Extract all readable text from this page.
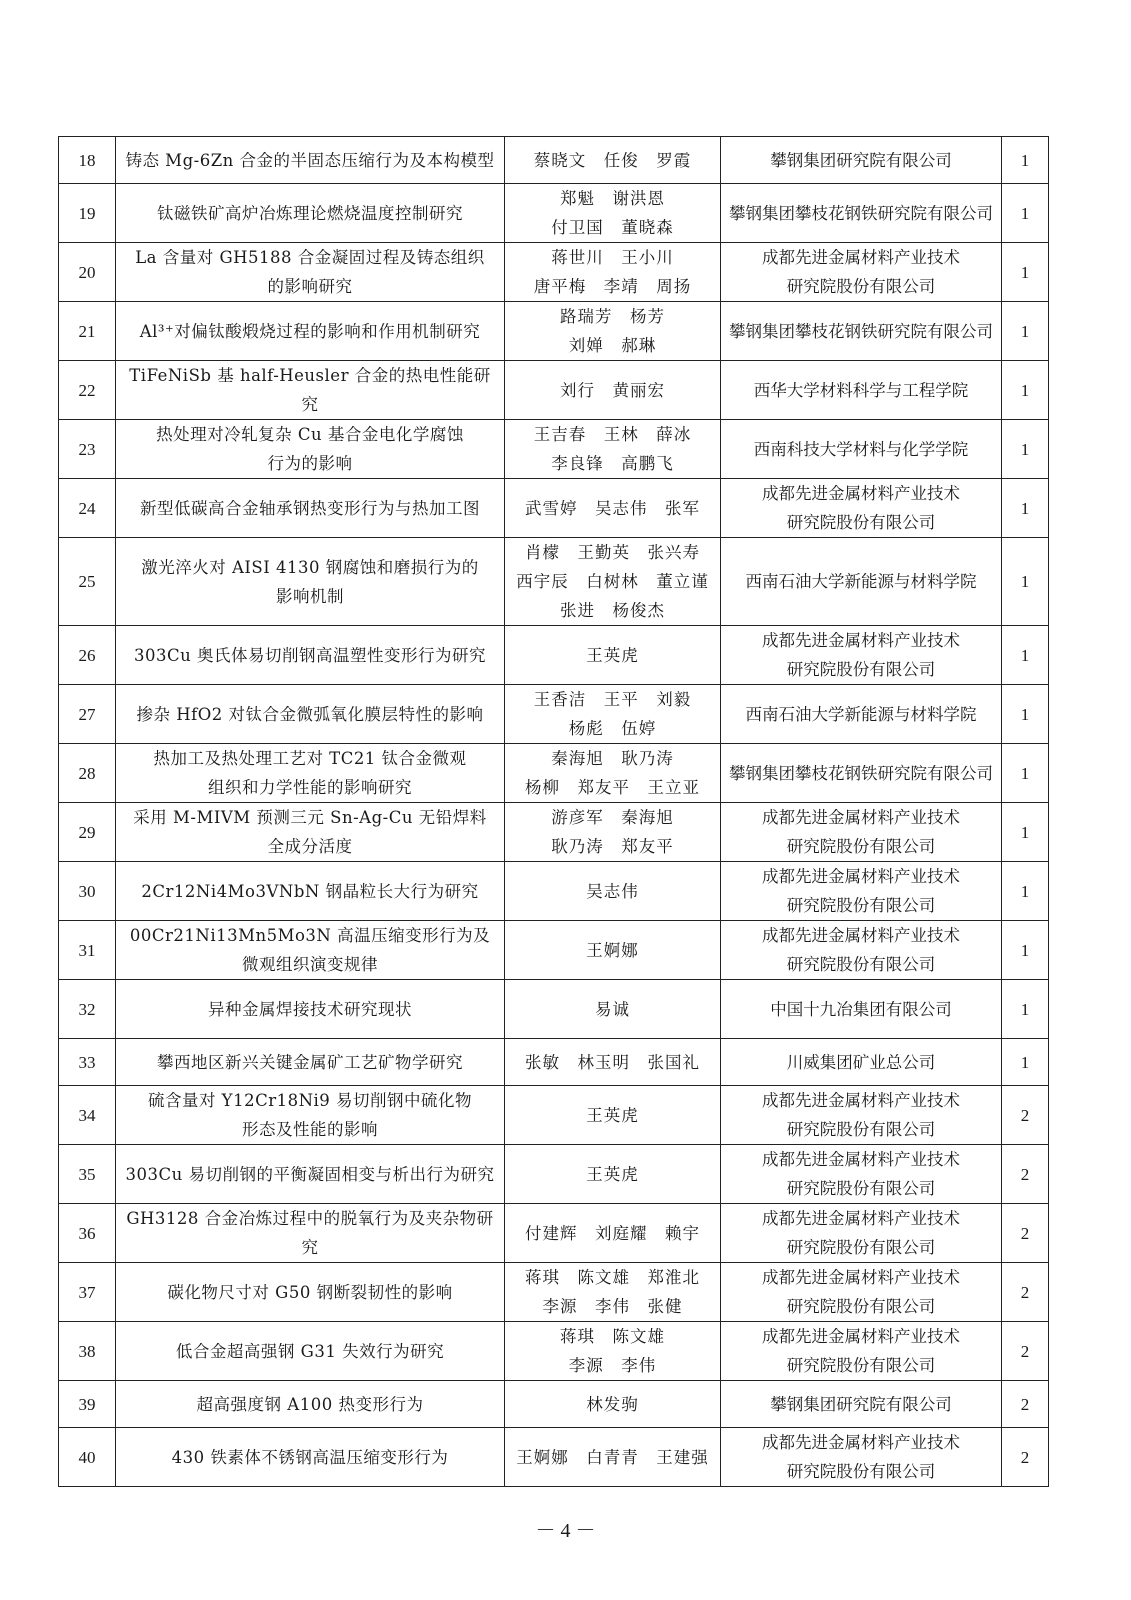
18	铸态 Mg-6Zn 合金的半固态压缩行为及本构模型	蔡晓文　任俊　罗霞	攀钢集团研究院有限公司	1
19	钛磁铁矿高炉冶炼理论燃烧温度控制研究	郑魁　谢洪恩
付卫国　董晓森	攀钢集团攀枝花钢铁研究院有限公司	1
20	La 含量对 GH5188 合金凝固过程及铸态组织
的影响研究	蒋世川　王小川
唐平梅　李靖　周扬	成都先进金属材料产业技术
研究院股份有限公司	1
21	Al³⁺对偏钛酸煅烧过程的影响和作用机制研究	路瑞芳　杨芳
刘婵　郝琳	攀钢集团攀枝花钢铁研究院有限公司	1
22	TiFeNiSb 基 half-Heusler 合金的热电性能研究	刘行　黄丽宏	西华大学材料科学与工程学院	1
23	热处理对冷轧复杂 Cu 基合金电化学腐蚀
行为的影响	王吉春　王林　薛冰
李良锋　高鹏飞	西南科技大学材料与化学学院	1
24	新型低碳高合金轴承钢热变形行为与热加工图	武雪婷　吴志伟　张军	成都先进金属材料产业技术
研究院股份有限公司	1
25	激光淬火对 AISI 4130 钢腐蚀和磨损行为的
影响机制	肖檬　王勤英　张兴寿
西宇辰　白树林　董立谨
张进　杨俊杰	西南石油大学新能源与材料学院	1
26	303Cu 奥氏体易切削钢高温塑性变形行为研究	王英虎	成都先进金属材料产业技术
研究院股份有限公司	1
27	掺杂 HfO2 对钛合金微弧氧化膜层特性的影响	王香洁　王平　刘毅
杨彪　伍婷	西南石油大学新能源与材料学院	1
28	热加工及热处理工艺对 TC21 钛合金微观
组织和力学性能的影响研究	秦海旭　耿乃涛
杨柳　郑友平　王立亚	攀钢集团攀枝花钢铁研究院有限公司	1
29	采用 M-MIVM 预测三元 Sn-Ag-Cu 无铅焊料
全成分活度	游彦军　秦海旭
耿乃涛　郑友平	成都先进金属材料产业技术
研究院股份有限公司	1
30	2Cr12Ni4Mo3VNbN 钢晶粒长大行为研究	吴志伟	成都先进金属材料产业技术
研究院股份有限公司	1
31	00Cr21Ni13Mn5Mo3N 高温压缩变形行为及
微观组织演变规律	王婀娜	成都先进金属材料产业技术
研究院股份有限公司	1
32	异种金属焊接技术研究现状	易诚	中国十九冶集团有限公司	1
33	攀西地区新兴关键金属矿工艺矿物学研究	张敏　林玉明　张国礼	川威集团矿业总公司	1
34	硫含量对 Y12Cr18Ni9 易切削钢中硫化物
形态及性能的影响	王英虎	成都先进金属材料产业技术
研究院股份有限公司	2
35	303Cu 易切削钢的平衡凝固相变与析出行为研究	王英虎	成都先进金属材料产业技术
研究院股份有限公司	2
36	GH3128 合金冶炼过程中的脱氧行为及夹杂物研究	付建辉　刘庭耀　赖宇	成都先进金属材料产业技术
研究院股份有限公司	2
37	碳化物尺寸对 G50 钢断裂韧性的影响	蒋琪　陈文雄　郑淮北
李源　李伟　张健	成都先进金属材料产业技术
研究院股份有限公司	2
38	低合金超高强钢 G31 失效行为研究	蒋琪　陈文雄
李源　李伟	成都先进金属材料产业技术
研究院股份有限公司	2
39	超高强度钢 A100 热变形行为	林发驹	攀钢集团研究院有限公司	2
40	430 铁素体不锈钢高温压缩变形行为	王婀娜　白青青　王建强	成都先进金属材料产业技术
研究院股份有限公司	2
－ 4 －
